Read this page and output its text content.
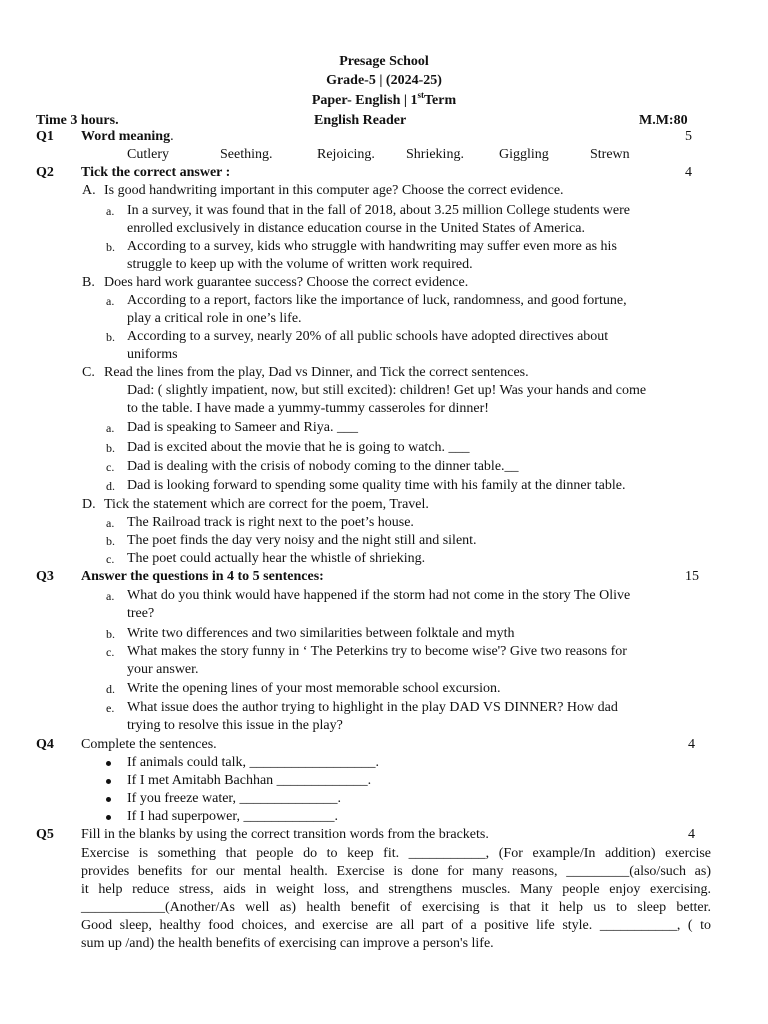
Presage School
Grade-5 | (2024-25)
Paper- English | 1stTerm
Time 3 hours.	English Reader	M.M:80
Q1 Word meaning.	5
Cutlery	Seething.	Rejoicing. Shrieking.	Giggling	Strewn
Q2 Tick the correct answer :	4
A. Is good handwriting important in this computer age? Choose the correct evidence.
a. In a survey, it was found that in the fall of 2018, about 3.25 million College students were
enrolled exclusively in distance education course in the United States of America.
b. According to a survey, kids who struggle with handwriting may suffer even more as his
struggle to keep up with the volume of written work required.
B. Does hard work guarantee success? Choose the correct evidence.
a. According to a report, factors like the importance of luck, randomness, and good fortune,
play a critical role in one’s life.
b. According to a survey, nearly 20% of all public schools have adopted directives about
uniforms
C. Read the lines from the play, Dad vs Dinner, and Tick the correct sentences.
Dad: ( slightly impatient, now, but still excited): children! Get up! Was your hands and come
to the table. I have made a yummy-tummy casseroles for dinner!
a. Dad is speaking to Sameer and Riya. ___
b. Dad is excited about the movie that he is going to watch. ___
c. Dad is dealing with the crisis of nobody coming to the dinner table.__
d. Dad is looking forward to spending some quality time with his family at the dinner table.
D. Tick the statement which are correct for the poem, Travel.
a. The Railroad track is right next to the poet’s house.
b. The poet finds the day very noisy and the night still and silent.
c. The poet could actually hear the whistle of shrieking.
Q3 Answer the questions in 4 to 5 sentences:	15
a. What do you think would have happened if the storm had not come in the story The Olive
tree?
b. Write two differences and two similarities between folktale and myth
c. What makes the story funny in ‘ The Peterkins try to become wise'? Give two reasons for
your answer.
d. Write the opening lines of your most memorable school excursion.
e. What issue does the author trying to highlight in the play DAD VS DINNER? How dad
trying to resolve this issue in the play?
Q4 Complete the sentences.	4
If animals could talk, __________________.
If I met Amitabh Bachhan _____________.
If you freeze water, ______________.
If I had superpower, _____________.
Q5 Fill in the blanks by using the correct transition words from the brackets.	4
Exercise is something that people do to keep fit. ___________, (For example/In addition) exercise
provides benefits for our mental health. Exercise is done for many reasons, _________(also/such as)
it help reduce stress, aids in weight loss, and strengthens muscles. Many people enjoy exercising.
____________(Another/As well as) health benefit of exercising is that it help us to sleep better.
Good sleep, healthy food choices, and exercise are all part of a positive life style. ___________, ( to
sum up /and) the health benefits of exercising can improve a person's life.
